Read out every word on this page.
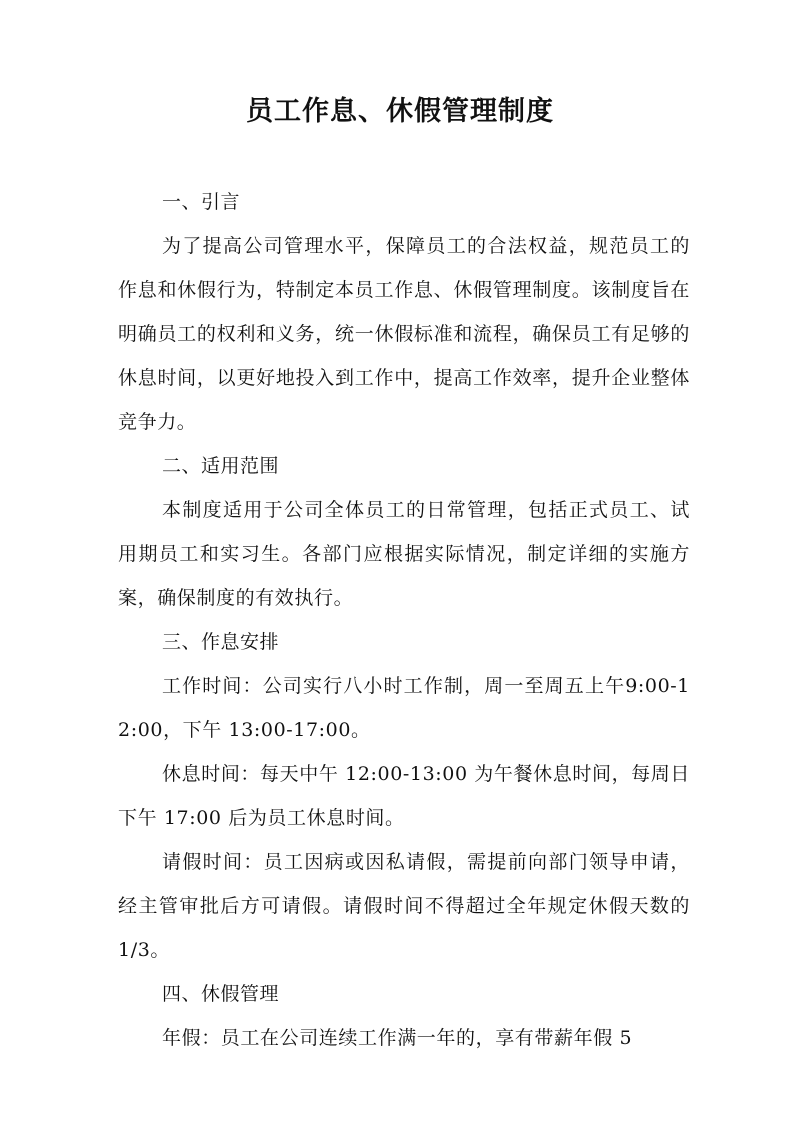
员工作息、休假管理制度

一、引言

为了提高公司管理水平，保障员工的合法权益，规范员工的作息和休假行为，特制定本员工作息、休假管理制度。该制度旨在明确员工的权利和义务，统一休假标准和流程，确保员工有足够的休息时间，以更好地投入到工作中，提高工作效率，提升企业整体竞争力。

二、适用范围

本制度适用于公司全体员工的日常管理，包括正式员工、试用期员工和实习生。各部门应根据实际情况，制定详细的实施方案，确保制度的有效执行。

三、作息安排

工作时间：公司实行八小时工作制，周一至周五上午9:00-12:00，下午 13:00-17:00。

休息时间：每天中午 12:00-13:00 为午餐休息时间，每周日下午 17:00 后为员工休息时间。

请假时间：员工因病或因私请假，需提前向部门领导申请，经主管审批后方可请假。请假时间不得超过全年规定休假天数的 1/3。

四、休假管理

年假：员工在公司连续工作满一年的，享有带薪年假 5
